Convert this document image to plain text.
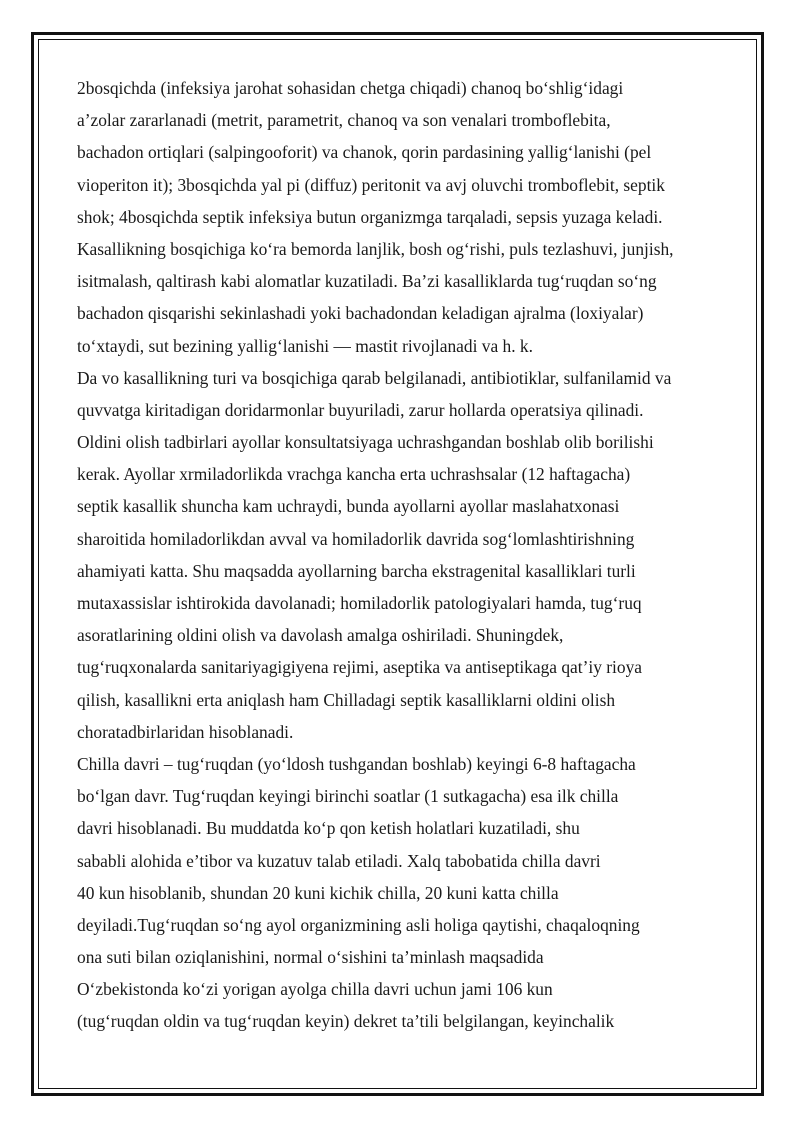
2bosqichda (infeksiya jarohat sohasidan chetga chiqadi) chanoq bo‘shlig‘idagi
a’zolar zararlanadi (metrit, parametrit, chanoq va son venalari tromboflebita,
bachadon ortiqlari (salpingooforit) va chanok, qorin pardasining yallig‘lanishi (pel
vioperiton it); 3bosqichda yal pi (diffuz) peritonit va avj oluvchi tromboflebit, septik
shok; 4bosqichda septik infeksiya butun organizmga tarqaladi, sepsis yuzaga keladi.
Kasallikning bosqichiga ko‘ra bemorda lanjlik, bosh og‘rishi, puls tezlashuvi, junjish,
isitmalash, qaltirash kabi alomatlar kuzatiladi. Ba’zi kasalliklarda tug‘ruqdan so‘ng
bachadon qisqarishi sekinlashadi yoki bachadondan keladigan ajralma (loxiyalar)
to‘xtaydi, sut bezining yallig‘lanishi — mastit rivojlanadi va h. k.
Da vo kasallikning turi va bosqichiga qarab belgilanadi, antibiotiklar, sulfanilamid va
quvvatga kiritadigan doridarmonlar buyuriladi, zarur hollarda operatsiya qilinadi.
Oldini olish tadbirlari ayollar konsultatsiyaga uchrashgandan boshlab olib borilishi
kerak. Ayollar xrmiladorlikda vrachga kancha erta uchrashsalar (12 haftagacha)
septik kasallik shuncha kam uchraydi, bunda ayollarni ayollar maslahatxonasi
sharoitida homiladorlikdan avval va homiladorlik davrida sog‘lomlashtirishning
ahamiyati katta. Shu maqsadda ayollarning barcha ekstragenital kasalliklari turli
mutaxassislar ishtirokida davolanadi; homiladorlik patologiyalari hamda, tug‘ruq
asoratlarining oldini olish va davolash amalga oshiriladi. Shuningdek,
tug‘ruqxonalarda sanitariyagigiyena rejimi, aseptika va antiseptikaga qat’iy rioya
qilish, kasallikni erta aniqlash ham Chilladagi septik kasalliklarni oldini olish
choratadbirlaridan hisoblanadi.
Chilla davri – tug‘ruqdan (yo‘ldosh tushgandan boshlab) keyingi 6-8 haftagacha
bo‘lgan davr. Tug‘ruqdan keyingi birinchi soatlar (1 sutkagacha) esa ilk chilla
davri hisoblanadi. Bu muddatda ko‘p qon ketish holatlari kuzatiladi, shu
sababli alohida e’tibor va kuzatuv talab etiladi. Xalq tabobatida chilla davri
40 kun hisoblanib, shundan 20 kuni kichik chilla, 20 kuni katta chilla
deyiladi.Tug‘ruqdan so‘ng ayol organizmining asli holiga qaytishi, chaqaloqning
ona suti bilan oziqlanishini, normal o‘sishini ta’minlash maqsadida
O‘zbekistonda ko‘zi yorigan ayolga chilla davri uchun jami 106 kun
(tug‘ruqdan oldin va tug‘ruqdan keyin) dekret ta’tili belgilangan, keyinchalik
